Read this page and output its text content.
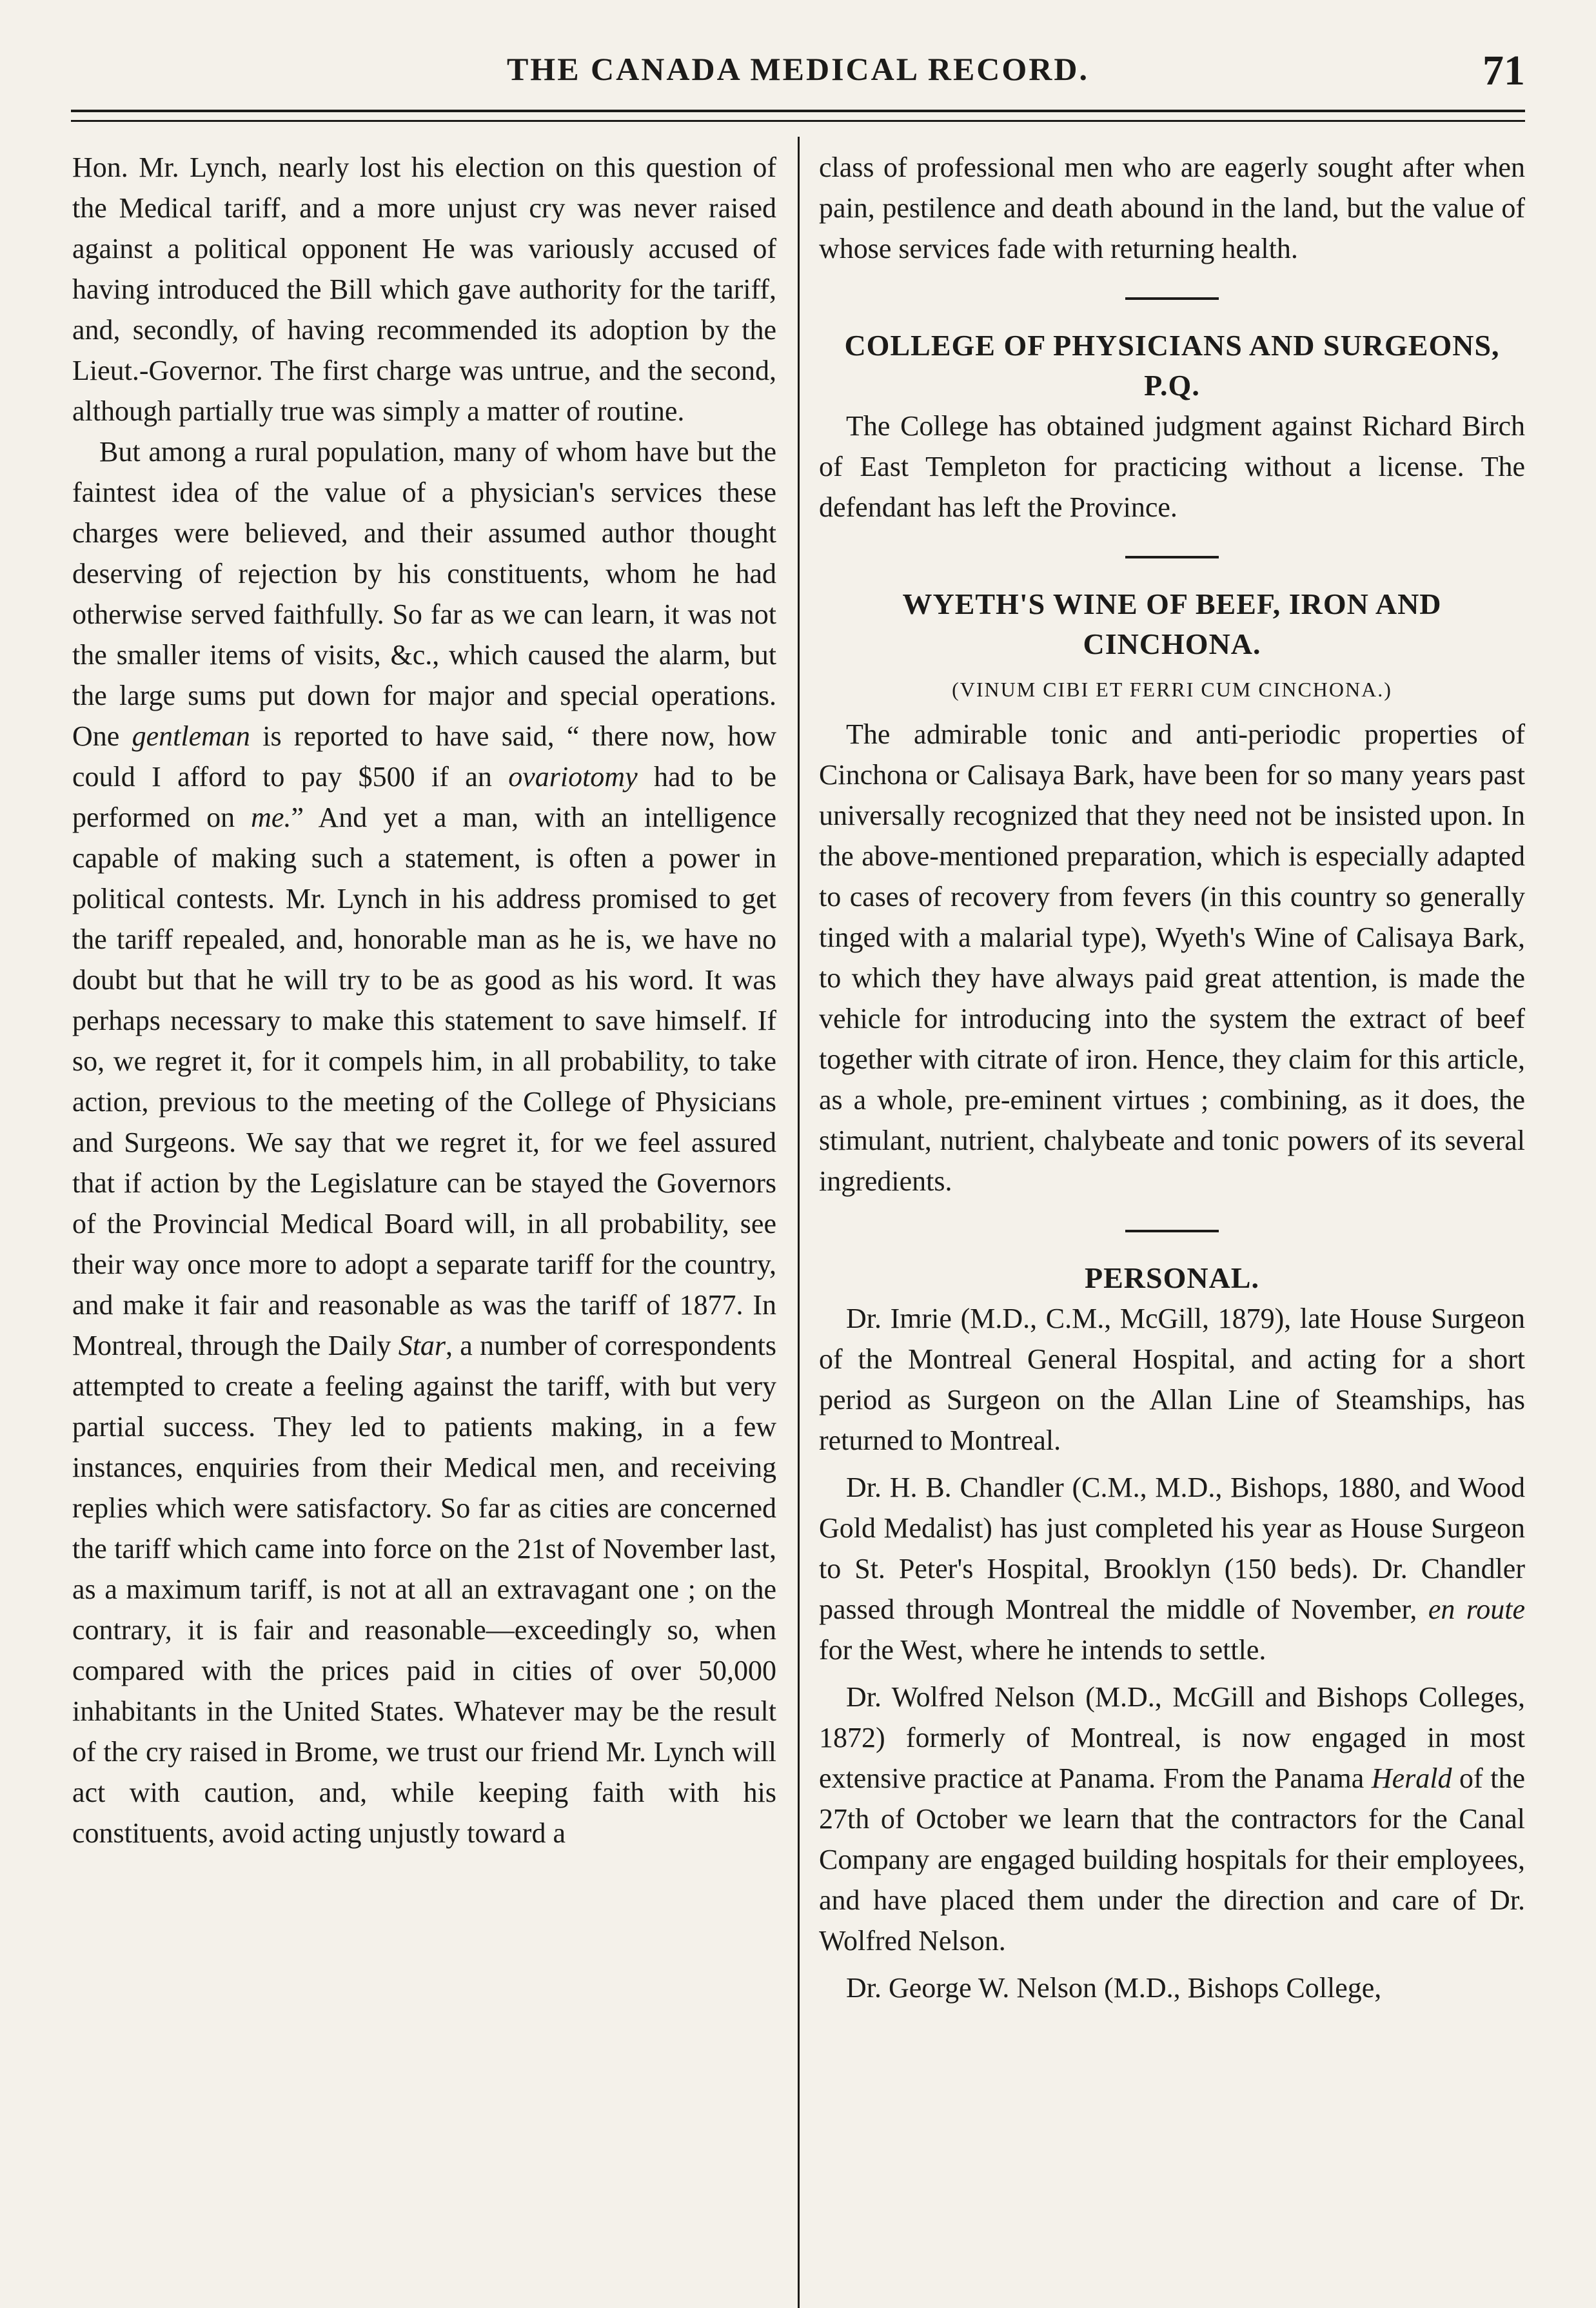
THE CANADA MEDICAL RECORD.	71

Hon. Mr. Lynch, nearly lost his election on this question of the Medical tariff, and a more unjust cry was never raised against a political opponent He was variously accused of having introduced the Bill which gave authority for the tariff, and, secondly, of having recommended its adoption by the Lieut.-Governor. The first charge was untrue, and the second, although partially true was simply a matter of routine.

But among a rural population, many of whom have but the faintest idea of the value of a physician's services these charges were believed, and their assumed author thought deserving of rejection by his constituents, whom he had otherwise served faithfully. So far as we can learn, it was not the smaller items of visits, &c., which caused the alarm, but the large sums put down for major and special operations. One gentleman is reported to have said, “ there now, how could I afford to pay $500 if an ovariotomy had to be performed on me.” And yet a man, with an intelligence capable of making such a statement, is often a power in political contests. Mr. Lynch in his address promised to get the tariff repealed, and, honorable man as he is, we have no doubt but that he will try to be as good as his word. It was perhaps necessary to make this statement to save himself. If so, we regret it, for it compels him, in all probability, to take action, previous to the meeting of the College of Physicians and Surgeons. We say that we regret it, for we feel assured that if action by the Legislature can be stayed the Governors of the Provincial Medical Board will, in all probability, see their way once more to adopt a separate tariff for the country, and make it fair and reasonable as was the tariff of 1877. In Montreal, through the Daily Star, a number of correspondents attempted to create a feeling against the tariff, with but very partial success. They led to patients making, in a few instances, enquiries from their Medical men, and receiving replies which were satisfactory. So far as cities are concerned the tariff which came into force on the 21st of November last, as a maximum tariff, is not at all an extravagant one ; on the contrary, it is fair and reasonable—exceedingly so, when compared with the prices paid in cities of over 50,000 inhabitants in the United States. Whatever may be the result of the cry raised in Brome, we trust our friend Mr. Lynch will act with caution, and, while keeping faith with his constituents, avoid acting unjustly toward a

class of professional men who are eagerly sought after when pain, pestilence and death abound in the land, but the value of whose services fade with returning health.

COLLEGE OF PHYSICIANS AND SURGEONS, P.Q.

The College has obtained judgment against Richard Birch of East Templeton for practicing without a license. The defendant has left the Province.

WYETH'S WINE OF BEEF, IRON AND CINCHONA.
(VINUM CIBI ET FERRI CUM CINCHONA.)

The admirable tonic and anti-periodic properties of Cinchona or Calisaya Bark, have been for so many years past universally recognized that they need not be insisted upon. In the above-mentioned preparation, which is especially adapted to cases of recovery from fevers (in this country so generally tinged with a malarial type), Wyeth's Wine of Calisaya Bark, to which they have always paid great attention, is made the vehicle for introducing into the system the extract of beef together with citrate of iron. Hence, they claim for this article, as a whole, pre-eminent virtues ; combining, as it does, the stimulant, nutrient, chalybeate and tonic powers of its several ingredients.

PERSONAL.

Dr. Imrie (M.D., C.M., McGill, 1879), late House Surgeon of the Montreal General Hospital, and acting for a short period as Surgeon on the Allan Line of Steamships, has returned to Montreal.

Dr. H. B. Chandler (C.M., M.D., Bishops, 1880, and Wood Gold Medalist) has just completed his year as House Surgeon to St. Peter's Hospital, Brooklyn (150 beds). Dr. Chandler passed through Montreal the middle of November, en route for the West, where he intends to settle.

Dr. Wolfred Nelson (M.D., McGill and Bishops Colleges, 1872) formerly of Montreal, is now engaged in most extensive practice at Panama. From the Panama Herald of the 27th of October we learn that the contractors for the Canal Company are engaged building hospitals for their employees, and have placed them under the direction and care of Dr. Wolfred Nelson.

Dr. George W. Nelson (M.D., Bishops College,
